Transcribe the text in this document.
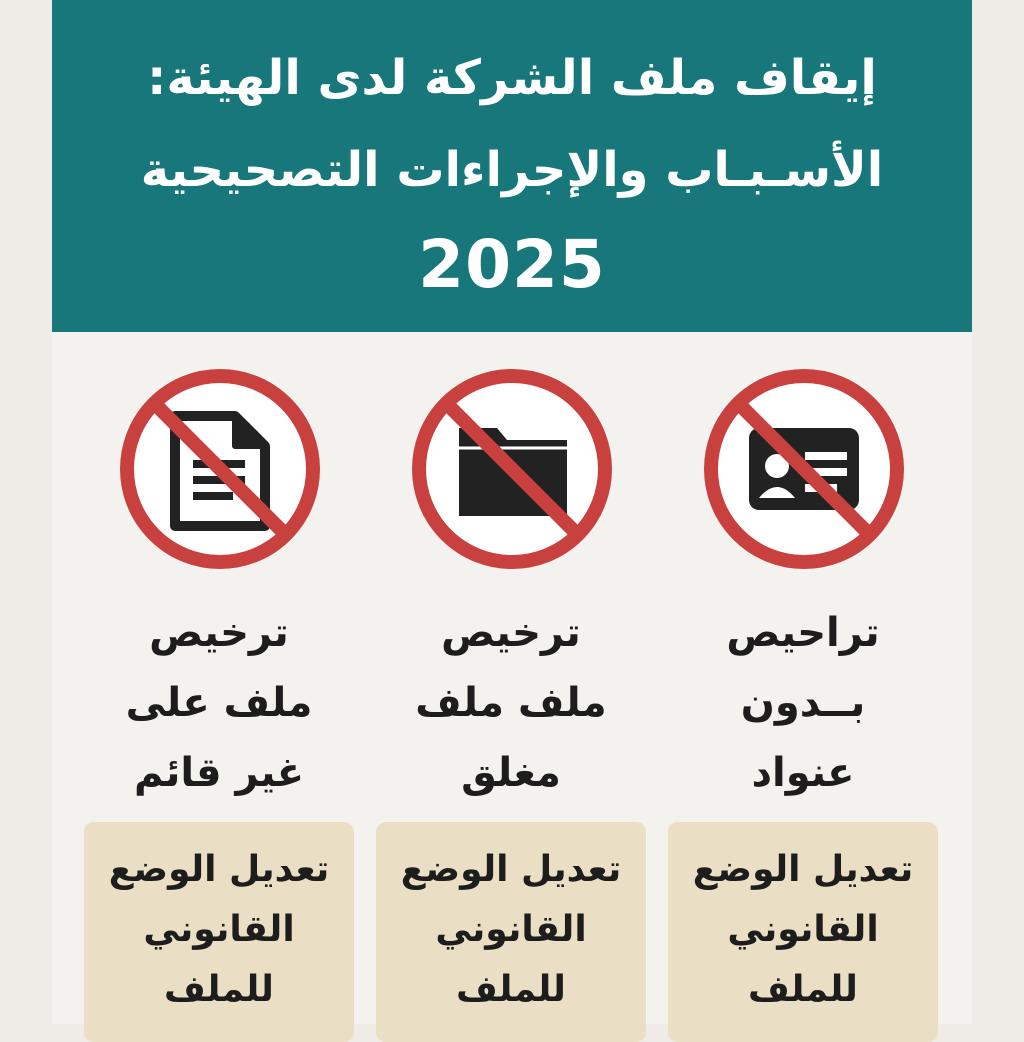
إيقاف ملف الشركة لدى الهيئة:
الأسـبـاب والإجراءات التصحيحية
2025
ترخيص
ملف على
غير قائم
تعديل الوضع
القانوني
للملف
ترخيص
ملف ملف
مغلق
تعديل الوضع
القانوني
للملف
تراحيص
بــدون
عنواد
تعديل الوضع
القانوني
للملف
